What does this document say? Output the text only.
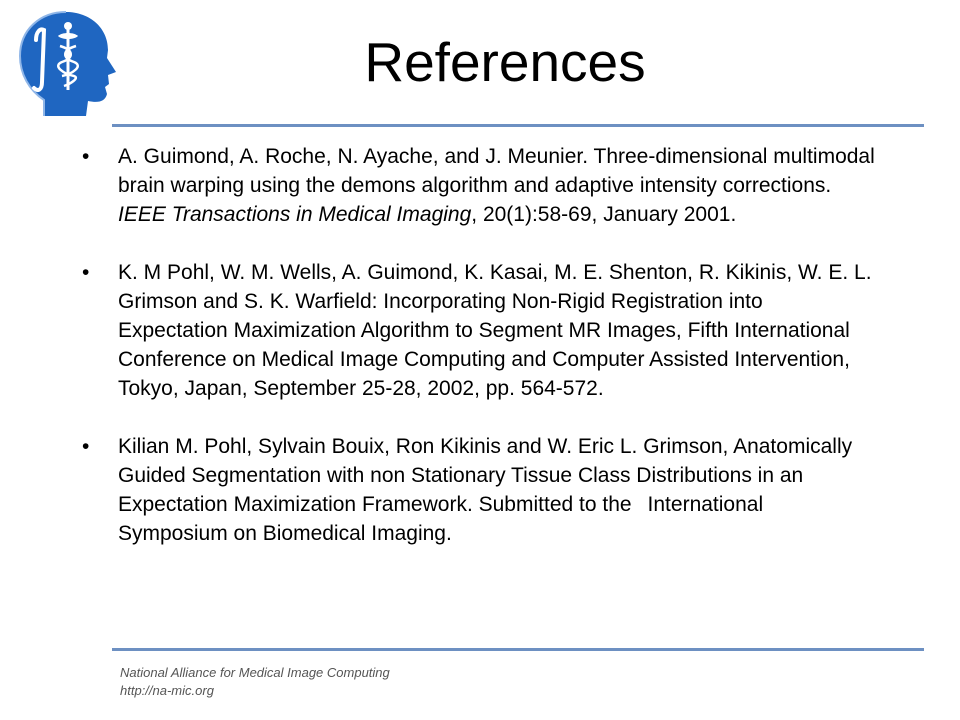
References
• A. Guimond, A. Roche, N. Ayache, and J. Meunier. Three-dimensional multimodal brain warping using the demons algorithm and adaptive intensity corrections. IEEE Transactions in Medical Imaging, 20(1):58-69, January 2001.
• K. M Pohl, W. M. Wells, A. Guimond, K. Kasai, M. E. Shenton, R. Kikinis, W. E. L. Grimson and S. K. Warfield: Incorporating Non-Rigid Registration into Expectation Maximization Algorithm to Segment MR Images, Fifth International Conference on Medical Image Computing and Computer Assisted Intervention, Tokyo, Japan, September 25-28, 2002, pp. 564-572.
• Kilian M. Pohl, Sylvain Bouix, Ron Kikinis and W. Eric L. Grimson, Anatomically Guided Segmentation with non Stationary Tissue Class Distributions in an Expectation Maximization Framework. Submitted to the International Symposium on Biomedical Imaging.
National Alliance for Medical Image Computing
http://na-mic.org
